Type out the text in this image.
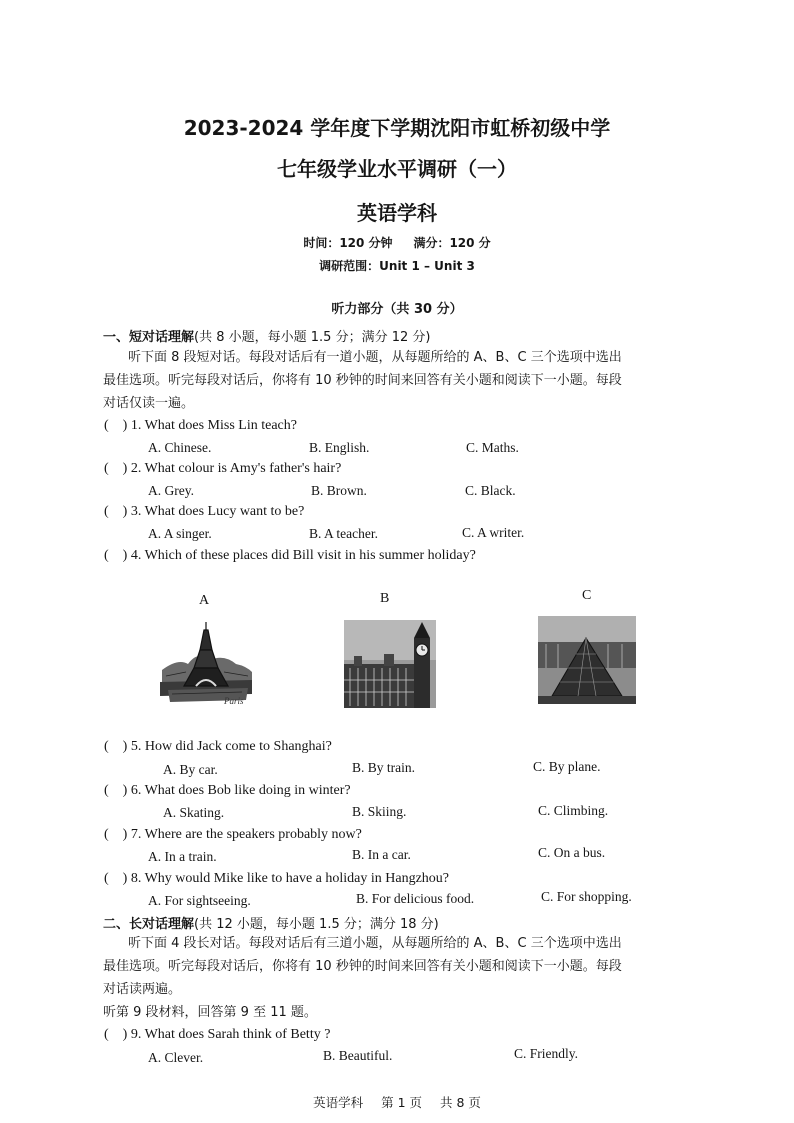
2023-2024 学年度下学期沈阳市虹桥初级中学
七年级学业水平调研（一）
英语学科
时间：120 分钟 满分：120 分
调研范围：Unit 1 – Unit 3
听力部分（共 30 分）
一、短对话理解(共 8 小题，每小题 1.5 分；满分 12 分)
听下面 8 段短对话。每段对话后有一道小题，从每题所给的 A、B、C 三个选项中选出
最佳选项。听完每段对话后，你将有 10 秒钟的时间来回答有关小题和阅读下一小题。每段
对话仅读一遍。
( ) 1. What does Miss Lin teach?
A. Chinese.	B. English.	C. Maths.
( ) 2. What colour is Amy's father's hair?
A. Grey.	B. Brown.	C. Black.
( ) 3. What does Lucy want to be?
A. A singer.	B. A teacher.	C. A writer.
( ) 4. Which of these places did Bill visit in his summer holiday?
A	B	C
Paris
( ) 5. How did Jack come to Shanghai?
A. By car.	B. By train.	C. By plane.
( ) 6. What does Bob like doing in winter?
A. Skating.	B. Skiing.	C. Climbing.
( ) 7. Where are the speakers probably now?
A. In a train.	B. In a car.	C. On a bus.
( ) 8. Why would Mike like to have a holiday in Hangzhou?
A. For sightseeing.	B. For delicious food.	C. For shopping.
二、长对话理解(共 12 小题，每小题 1.5 分；满分 18 分)
听下面 4 段长对话。每段对话后有三道小题，从每题所给的 A、B、C 三个选项中选出
最佳选项。听完每段对话后，你将有 10 秒钟的时间来回答有关小题和阅读下一小题。每段
对话读两遍。
听第 9 段材料，回答第 9 至 11 题。
( ) 9. What does Sarah think of Betty ?
A. Clever.	B. Beautiful.	C. Friendly.
英语学科 第 1 页 共 8 页
